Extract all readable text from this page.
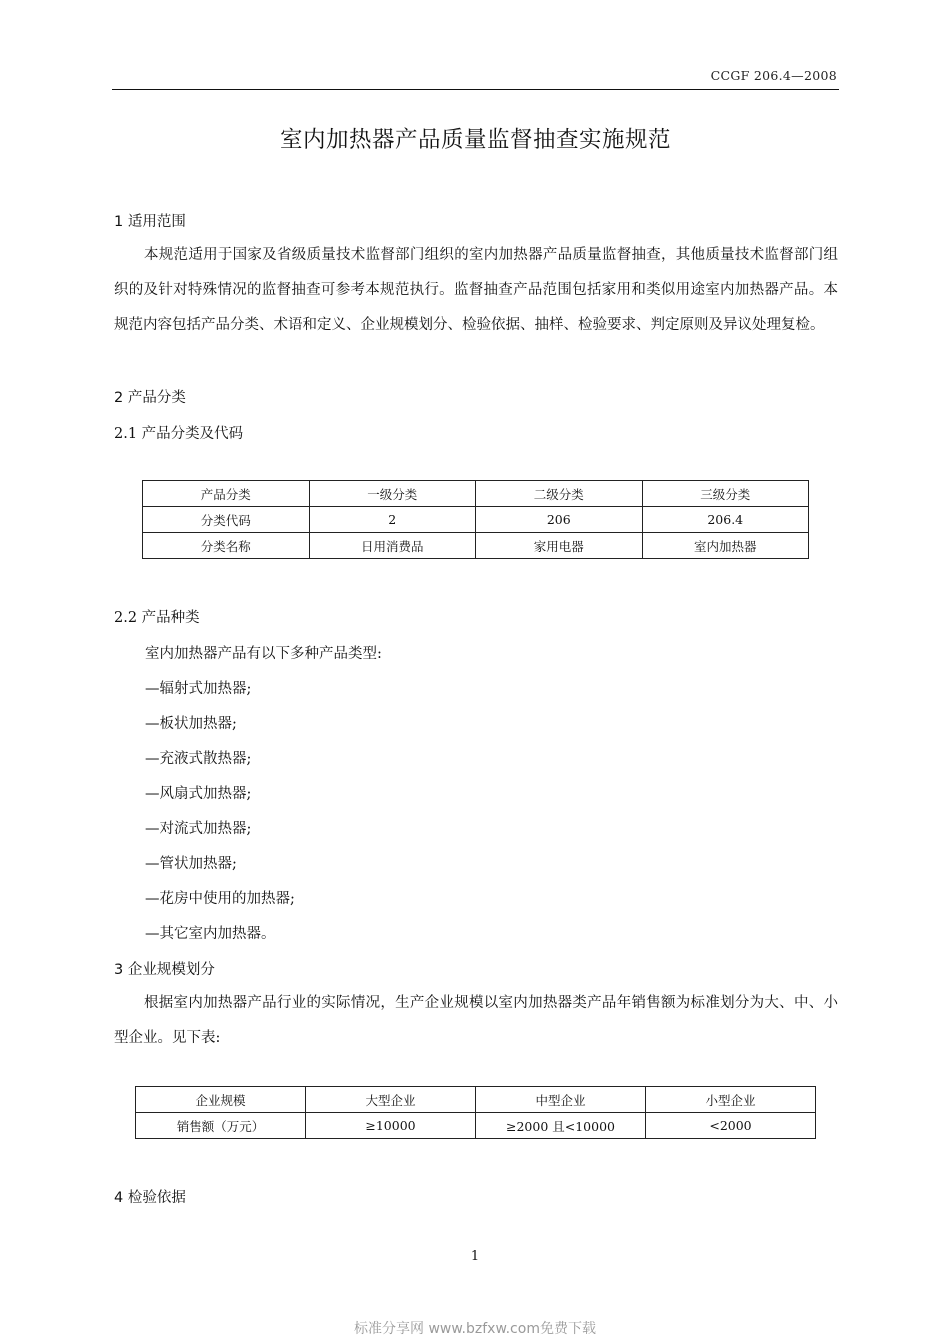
CCGF 206.4—2008
室内加热器产品质量监督抽查实施规范
1 适用范围

本规范适用于国家及省级质量技术监督部门组织的室内加热器产品质量监督抽查，其他质量技术监督部门组织的及针对特殊情况的监督抽查可参考本规范执行。监督抽查产品范围包括家用和类似用途室内加热器产品。本规范内容包括产品分类、术语和定义、企业规模划分、检验依据、抽样、检验要求、判定原则及异议处理复检。

2 产品分类
2.1 产品分类及代码
产品分类	一级分类	二级分类	三级分类
分类代码	2	206	206.4
分类名称	日用消费品	家用电器	室内加热器
2.2 产品种类
室内加热器产品有以下多种产品类型:
—辐射式加热器;
—板状加热器;
—充液式散热器;
—风扇式加热器;
—对流式加热器;
—管状加热器;
—花房中使用的加热器;
—其它室内加热器。
3 企业规模划分

根据室内加热器产品行业的实际情况，生产企业规模以室内加热器类产品年销售额为标准划分为大、中、小型企业。见下表:

企业规模	大型企业	中型企业	小型企业
销售额（万元）	≥10000	≥2000 且<10000	<2000
4 检验依据
1
标准分享网 www.bzfxw.com免费下载
